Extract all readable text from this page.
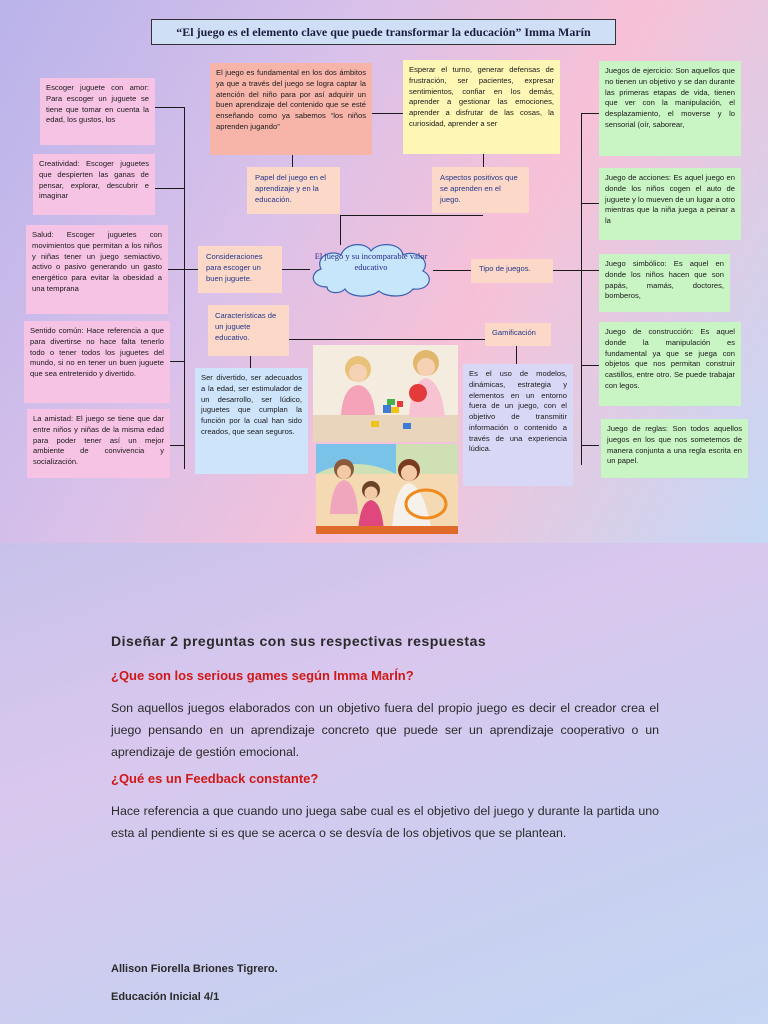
“El juego es el elemento clave que puede transformar la educación” Imma Marín
Escoger juguete con amor: Para escoger un juguete se tiene que tomar en cuenta la edad, los gustos, los
Creatividad: Escoger juguetes que despierten las ganas de pensar, explorar, descubrir e imaginar
Salud: Escoger juguetes con movimientos que permitan a los niños y niñas tener un juego semiactivo, activo o pasivo generando un gasto energético para evitar la obesidad a una temprana
Sentido común: Hace referencia a que para divertirse no hace falta tenerlo todo o tener todos los juguetes del mundo, si no en tener un buen juguete que sea entretenido y divertido.
La amistad: El juego se tiene que dar entre niños y niñas de la misma edad para poder tener así un mejor ambiente de convivencia y socialización.
El juego es fundamental en los dos ámbitos ya que a través del juego se logra captar la atención del niño para por así adquirir un buen aprendizaje del contenido que se esté enseñando como ya sabemos “los niños aprenden jugando”
Esperar el turno, generar defensas de frustración, ser pacientes, expresar sentimientos, confiar en los demás, aprender a gestionar las emociones, aprender a disfrutar de las cosas, la curiosidad, aprender a ser
Papel del juego en el aprendizaje y en la educación.
Aspectos positivos que se aprenden en el juego.
Consideraciones para escoger un buen juguete.
El juego y su incomparable valor educativo	Tipo de juegos.
Características de un juguete educativo.
Gamificación
Ser divertido, ser adecuados a la edad, ser estimulador de un desarrollo, ser lúdico, juguetes que cumplan la función por la cual han sido creados, que sean seguros.
Es el uso de modelos, dinámicas, estrategia y elementos en un entorno fuera de un juego, con el objetivo de transmitir información o contenido a través de una experiencia lúdica.
Juegos de ejercicio: Son aquellos que no tienen un objetivo y se dan durante las primeras etapas de vida, tienen que ver con la manipulación, el desplazamiento, el moverse y lo sensorial (oír, saborear,
Juego de acciones: Es aquel juego en donde los niños cogen el auto de juguete y lo mueven de un lugar a otro mientras que la niña juega a peinar a la
Juego simbólico: Es aquel en donde los niños hacen que son papás, mamás, doctores, bomberos,
Juego de construcción: Es aquel donde la manipulación es fundamental ya que se juega con objetos que nos permitan construir castillos, entre otro. Se puede trabajar con legos.
Juego de reglas: Son todos aquellos juegos en los que nos sometemos de manera conjunta a una regla escrita en un papel.
Diseñar 2 preguntas con sus respectivas respuestas
¿Que son los serious games según Imma MarÍn?
Son aquellos juegos elaborados con un objetivo fuera del propio juego es decir el creador crea el juego pensando en un aprendizaje concreto que puede ser un aprendizaje cooperativo o un aprendizaje de gestión emocional.
¿Qué es un Feedback constante?
Hace referencia a que cuando uno juega sabe cual es el objetivo del juego y durante la partida uno esta al pendiente si es que se acerca o se desvía de los objetivos que se plantean.
Allison Fiorella Briones Tigrero.
Educación Inicial 4/1
